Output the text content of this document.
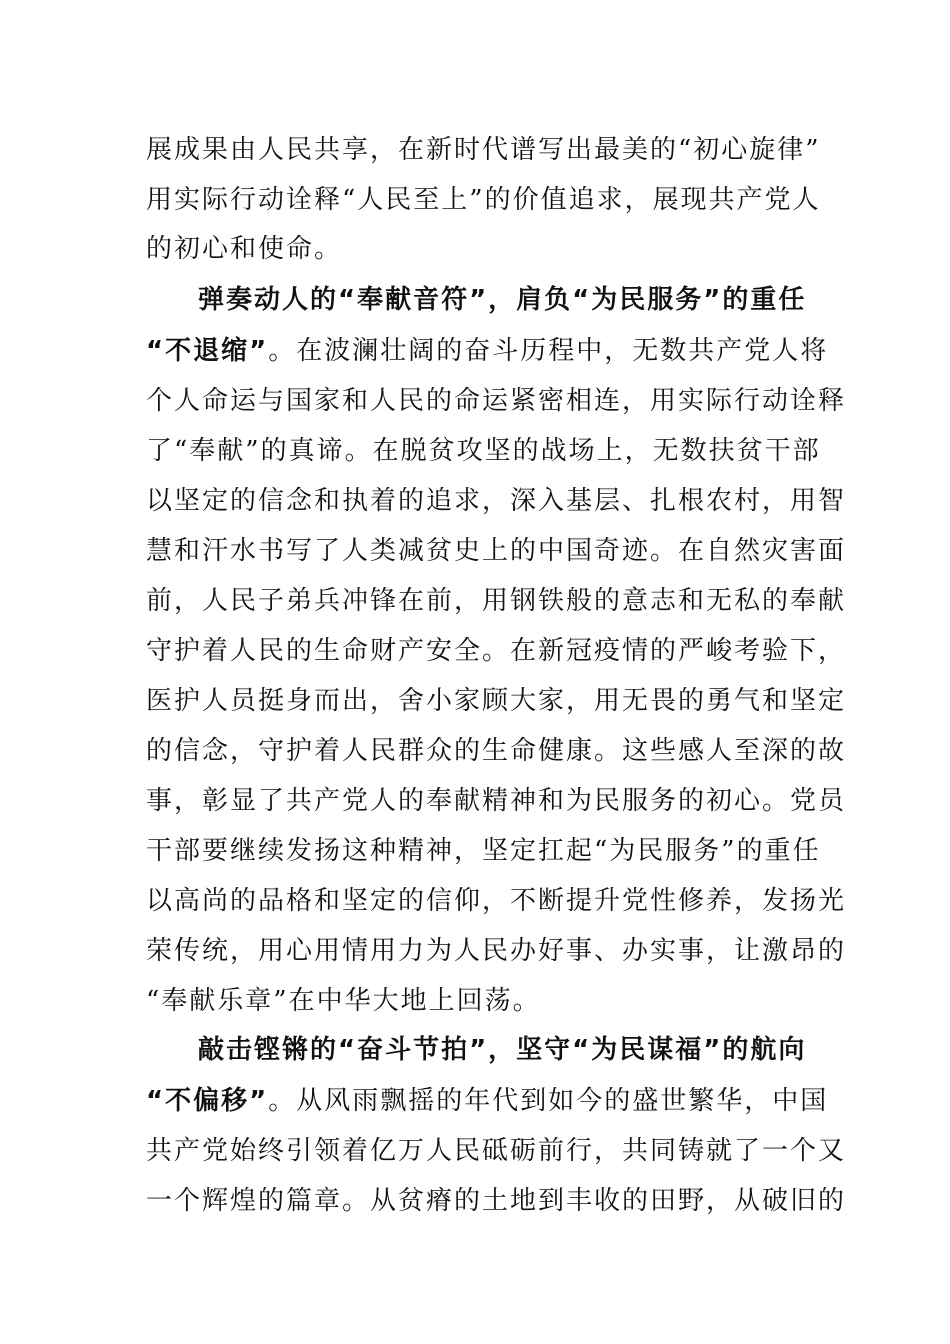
展成果由人民共享，在新时代谱写出最美的“初心旋律”
用实际行动诠释“人民至上”的价值追求，展现共产党人
的初心和使命。
弹奏动人的“奉献音符”，肩负“为民服务”的重任
“不退缩”。在波澜壮阔的奋斗历程中，无数共产党人将
个人命运与国家和人民的命运紧密相连，用实际行动诠释
了“奉献”的真谛。在脱贫攻坚的战场上，无数扶贫干部
以坚定的信念和执着的追求，深入基层、扎根农村，用智
慧和汗水书写了人类减贫史上的中国奇迹。在自然灾害面
前，人民子弟兵冲锋在前，用钢铁般的意志和无私的奉献
守护着人民的生命财产安全。在新冠疫情的严峻考验下，
医护人员挺身而出，舍小家顾大家，用无畏的勇气和坚定
的信念，守护着人民群众的生命健康。这些感人至深的故
事，彰显了共产党人的奉献精神和为民服务的初心。党员
干部要继续发扬这种精神，坚定扛起“为民服务”的重任
以高尚的品格和坚定的信仰，不断提升党性修养，发扬光
荣传统，用心用情用力为人民办好事、办实事，让激昂的
“奉献乐章”在中华大地上回荡。
敲击铿锵的“奋斗节拍”，坚守“为民谋福”的航向
“不偏移”。从风雨飘摇的年代到如今的盛世繁华，中国
共产党始终引领着亿万人民砥砺前行，共同铸就了一个又
一个辉煌的篇章。从贫瘠的土地到丰收的田野，从破旧的
